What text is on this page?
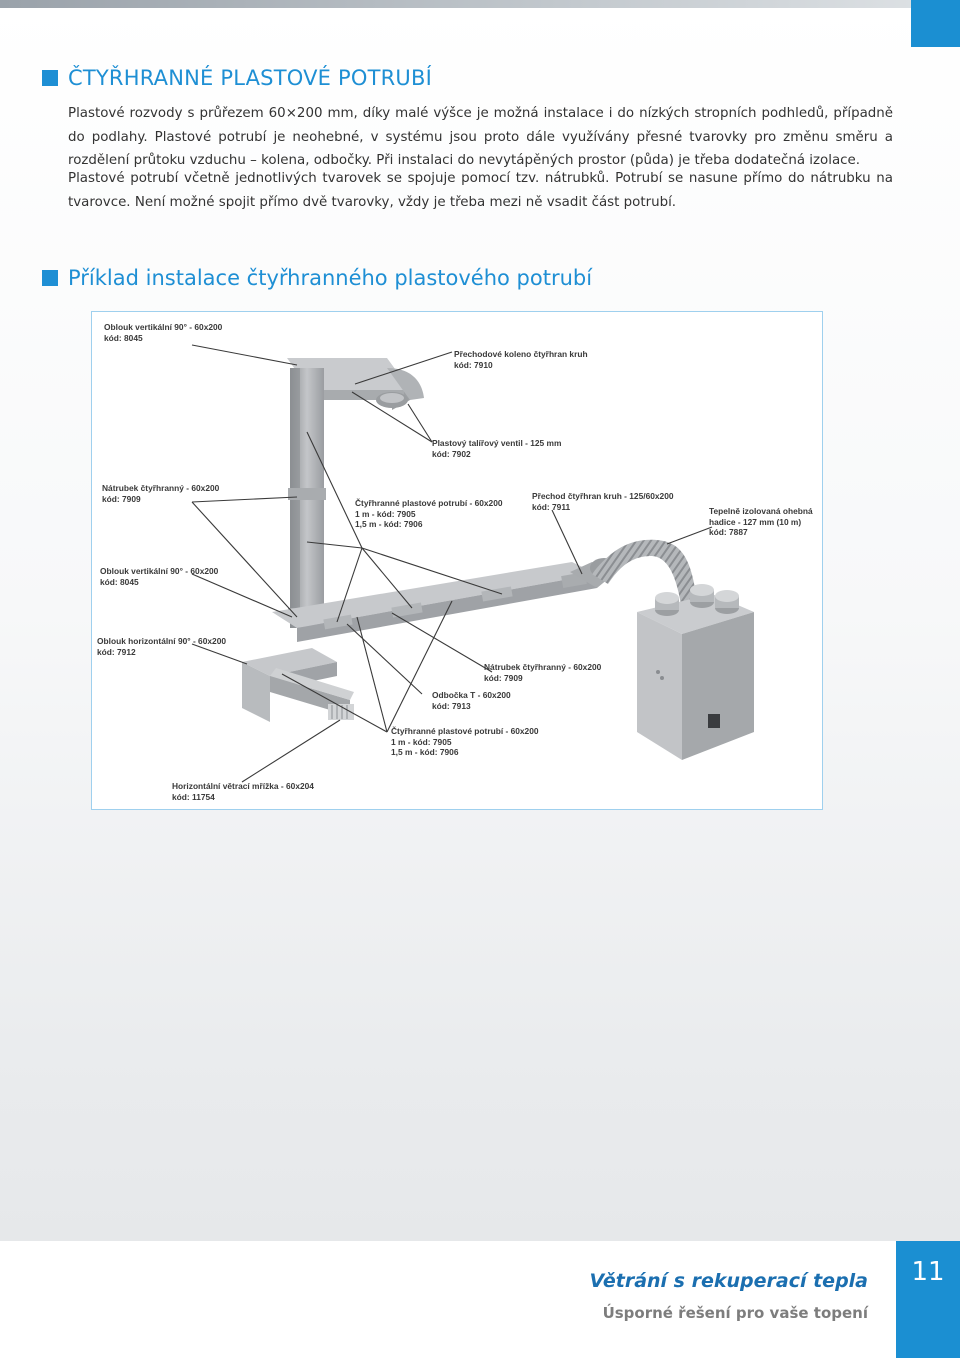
ČTYŘHRANNÉ PLASTOVÉ POTRUBÍ

Plastové rozvody s průřezem 60×200 mm, díky malé výšce je možná instalace i do nízkých stropních podhledů, případně do podlahy. Plastové potrubí je neohebné, v systému jsou proto dále využívány přesné tvarovky pro změnu směru a rozdělení průtoku vzduchu – kolena, odbočky. Při instalaci do nevytápěných prostor (půda) je třeba dodatečná izolace.

Plastové potrubí včetně jednotlivých tvarovek se spojuje pomocí tzv. nátrubků. Potrubí se nasune přímo do nátrubku na tvarovce. Není možné spojit přímo dvě tvarovky, vždy je třeba mezi ně vsadit část potrubí.

Příklad instalace čtyřhranného plastového potrubí
Oblouk vertikální 90° - 60x200
kód: 8045
Přechodové koleno čtyřhran kruh
kód: 7910
Plastový talířový ventil - 125 mm
kód: 7902
Nátrubek čtyřhranný - 60x200
kód: 7909	Čtyřhranné plastové potrubí - 60x200
1 m - kód: 7905
1,5 m - kód: 7906
Přechod čtyřhran kruh - 125/60x200
kód: 7911	Tepelně izolovaná ohebná
hadice - 127 mm (10 m)
kód: 7887
Oblouk vertikální 90° - 60x200
kód: 8045
Oblouk horizontální 90° - 60x200
kód: 7912
Nátrubek čtyřhranný - 60x200
kód: 7909
Odbočka T - 60x200
kód: 7913
Čtyřhranné plastové potrubí - 60x200
1 m - kód: 7905
1,5 m - kód: 7906
Horizontální větrací mřížka - 60x204
kód: 11754
Větrání s rekuperací tepla
Úsporné řešení pro vaše topení
11
